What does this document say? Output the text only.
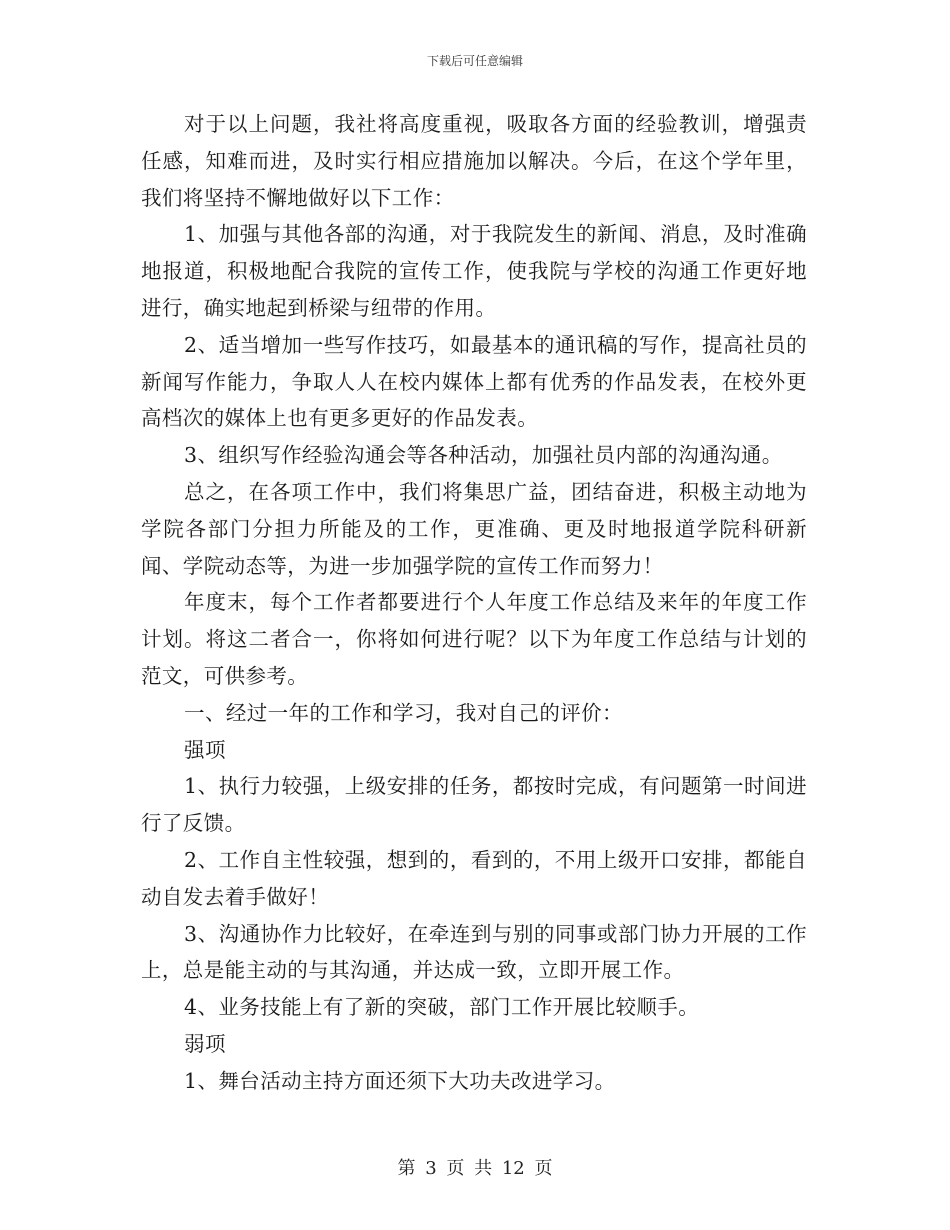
下载后可任意编辑

对于以上问题，我社将高度重视，吸取各方面的经验教训，增强责任感，知难而进，及时实行相应措施加以解决。今后，在这个学年里，我们将坚持不懈地做好以下工作：

1、加强与其他各部的沟通，对于我院发生的新闻、消息，及时准确地报道，积极地配合我院的宣传工作，使我院与学校的沟通工作更好地进行，确实地起到桥梁与纽带的作用。

2、适当增加一些写作技巧，如最基本的通讯稿的写作，提高社员的新闻写作能力，争取人人在校内媒体上都有优秀的作品发表，在校外更高档次的媒体上也有更多更好的作品发表。

3、组织写作经验沟通会等各种活动，加强社员内部的沟通沟通。

总之，在各项工作中，我们将集思广益，团结奋进，积极主动地为学院各部门分担力所能及的工作，更准确、更及时地报道学院科研新闻、学院动态等，为进一步加强学院的宣传工作而努力！

年度末，每个工作者都要进行个人年度工作总结及来年的年度工作计划。将这二者合一，你将如何进行呢？以下为年度工作总结与计划的范文，可供参考。

一、经过一年的工作和学习，我对自己的评价：

强项

1、执行力较强，上级安排的任务，都按时完成，有问题第一时间进行了反馈。

2、工作自主性较强，想到的，看到的，不用上级开口安排，都能自动自发去着手做好！

3、沟通协作力比较好，在牵连到与别的同事或部门协力开展的工作上，总是能主动的与其沟通，并达成一致，立即开展工作。

4、业务技能上有了新的突破，部门工作开展比较顺手。

弱项

1、舞台活动主持方面还须下大功夫改进学习。

第 3 页 共 12 页
